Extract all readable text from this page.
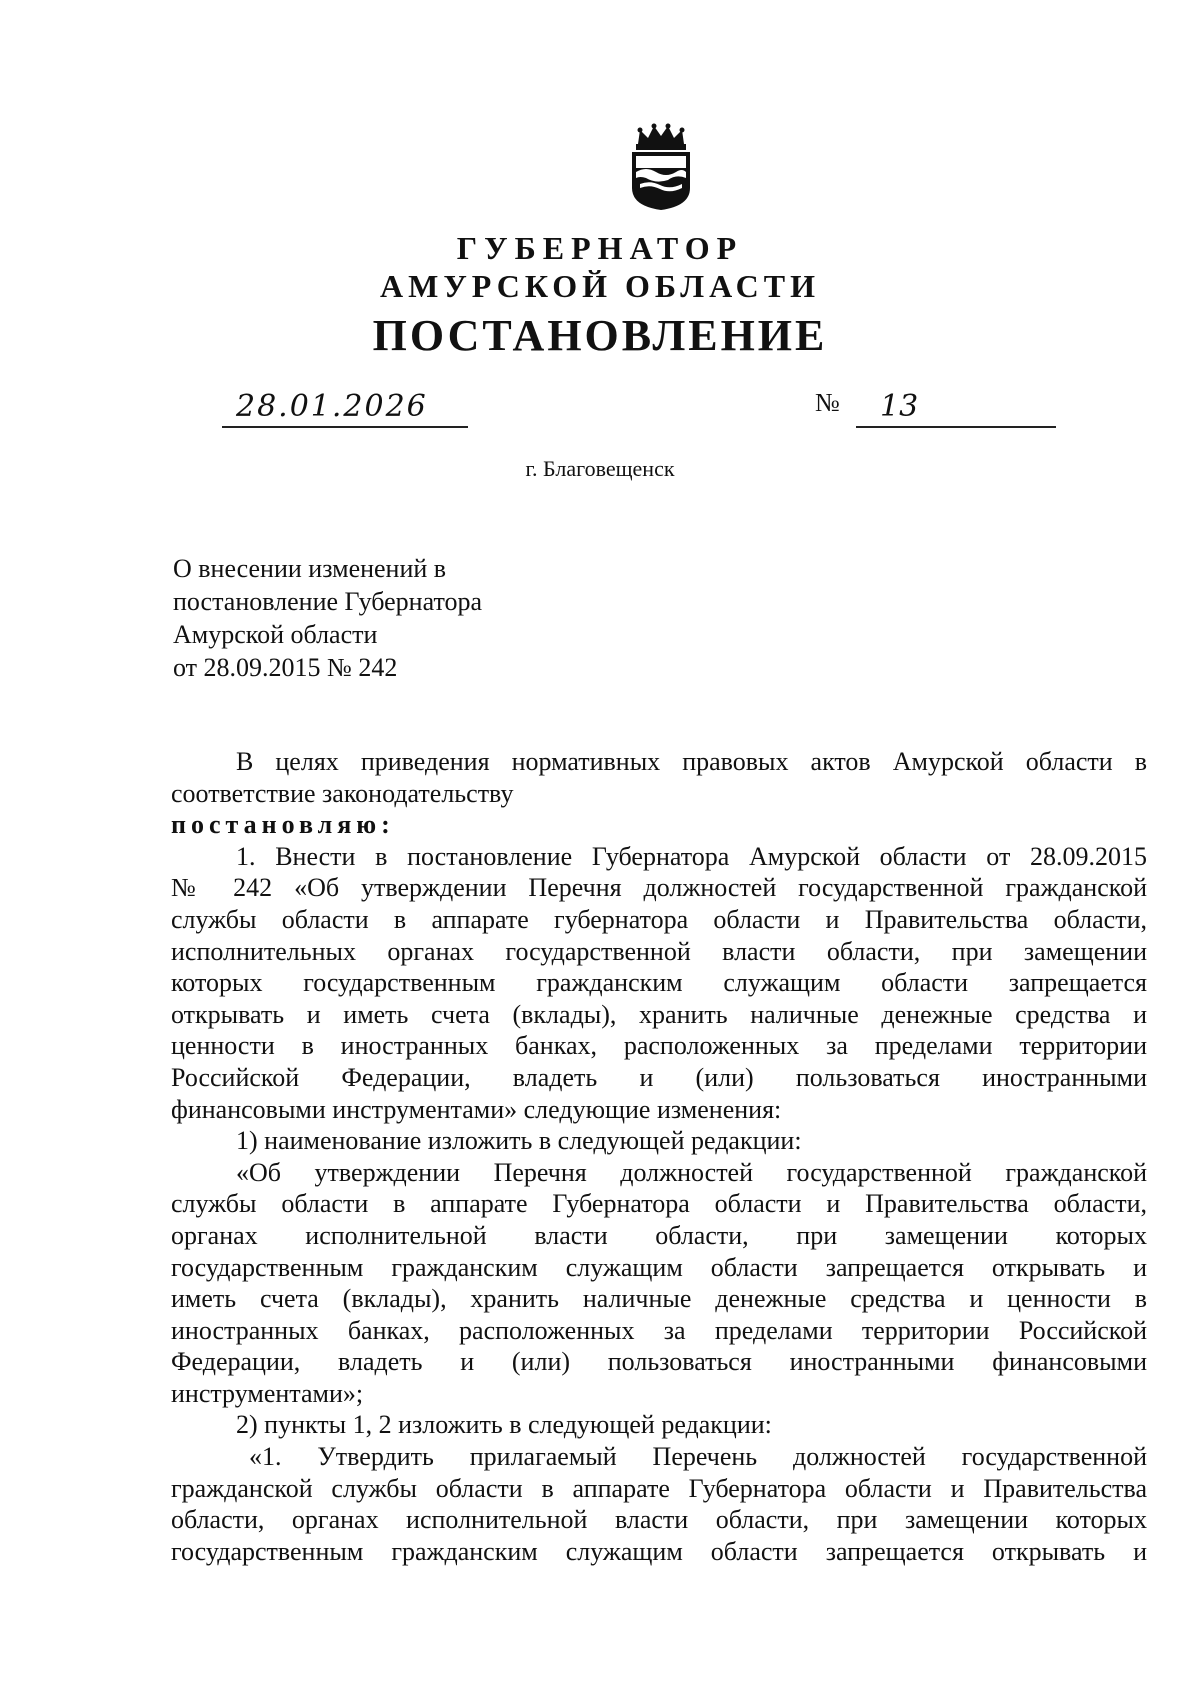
ГУБЕРНАТОР
АМУРСКОЙ ОБЛАСТИ
ПОСТАНОВЛЕНИЕ
28.01.2026	№ 13
г. Благовещенск
О внесении изменений в
постановление Губернатора
Амурской области
от 28.09.2015 № 242
В целях приведения нормативных правовых актов Амурской области в
соответствие законодательству
постановляю:
1. Внести в постановление Губернатора Амурской области от 28.09.2015
№ 242 «Об утверждении Перечня должностей государственной гражданской
службы области в аппарате губернатора области и Правительства области,
исполнительных органах государственной власти области, при замещении
которых государственным гражданским служащим области запрещается
открывать и иметь счета (вклады), хранить наличные денежные средства и
ценности в иностранных банках, расположенных за пределами территории
Российской Федерации, владеть и (или) пользоваться иностранными
финансовыми инструментами» следующие изменения:
1) наименование изложить в следующей редакции:
«Об утверждении Перечня должностей государственной гражданской
службы области в аппарате Губернатора области и Правительства области,
органах исполнительной власти области, при замещении которых
государственным гражданским служащим области запрещается открывать и
иметь счета (вклады), хранить наличные денежные средства и ценности в
иностранных банках, расположенных за пределами территории Российской
Федерации, владеть и (или) пользоваться иностранными финансовыми
инструментами»;
2) пункты 1, 2 изложить в следующей редакции:
«1. Утвердить прилагаемый Перечень должностей государственной
гражданской службы области в аппарате Губернатора области и Правительства
области, органах исполнительной власти области, при замещении которых
государственным гражданским служащим области запрещается открывать и
